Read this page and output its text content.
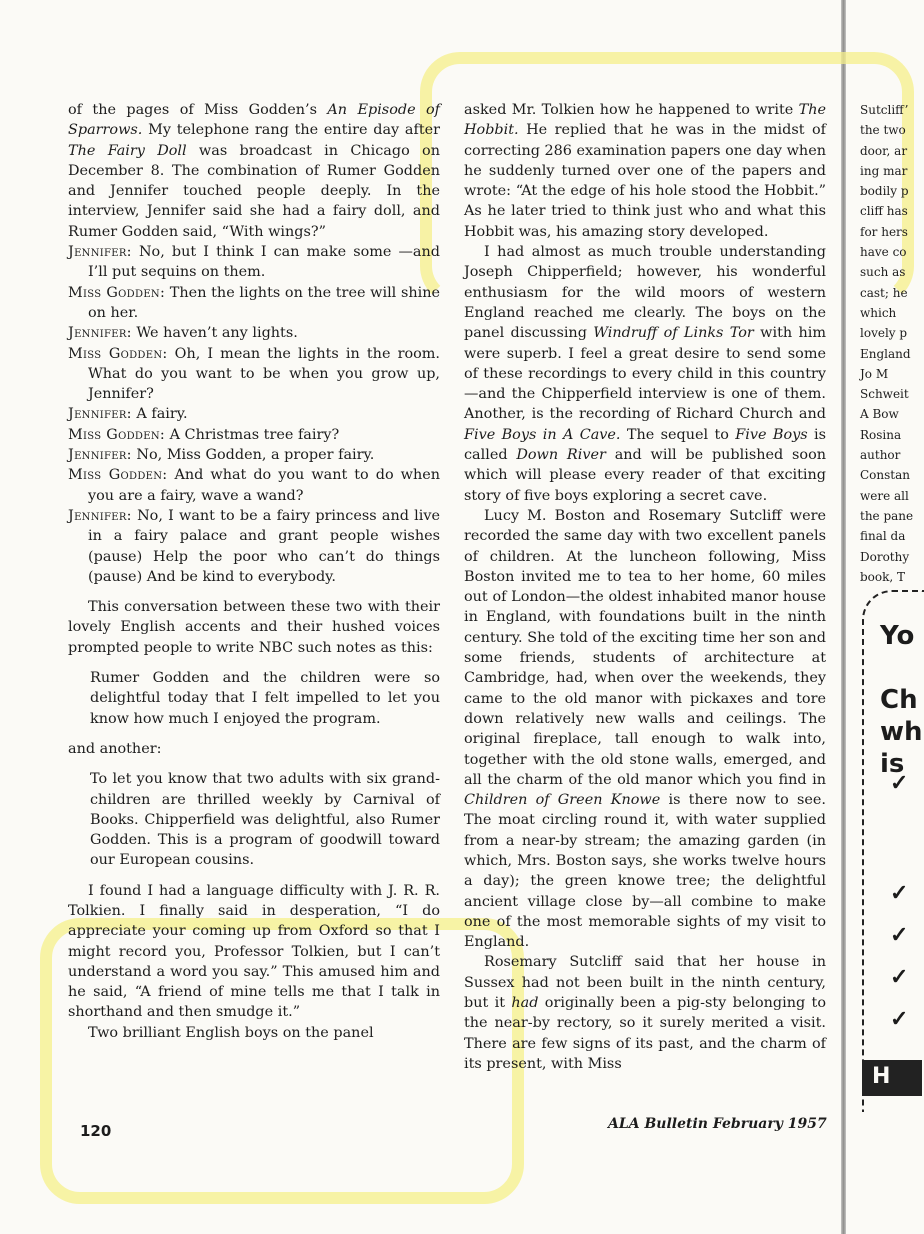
of the pages of Miss Godden’s An Episode of Sparrows. My telephone rang the entire day after The Fairy Doll was broadcast in Chicago on December 8. The combination of Rumer Godden and Jennifer touched people deeply. In the interview, Jennifer said she had a fairy doll, and Rumer Godden said, “With wings?”

Jennifer: No, but I think I can make some —and I’ll put sequins on them.

Miss Godden: Then the lights on the tree will shine on her.

Jennifer: We haven’t any lights.

Miss Godden: Oh, I mean the lights in the room. What do you want to be when you grow up, Jennifer?

Jennifer: A fairy.

Miss Godden: A Christmas tree fairy?

Jennifer: No, Miss Godden, a proper fairy.

Miss Godden: And what do you want to do when you are a fairy, wave a wand?

Jennifer: No, I want to be a fairy princess and live in a fairy palace and grant people wishes (pause) Help the poor who can’t do things (pause) And be kind to everybody.

This conversation between these two with their lovely English accents and their hushed voices prompted people to write NBC such notes as this:

Rumer Godden and the children were so delightful today that I felt impelled to let you know how much I enjoyed the program.

and another:

To let you know that two adults with six grand-children are thrilled weekly by Carnival of Books. Chipperfield was delightful, also Rumer Godden. This is a program of goodwill toward our European cousins.

I found I had a language difficulty with J. R. R. Tolkien. I finally said in desperation, “I do appreciate your coming up from Oxford so that I might record you, Professor Tolkien, but I can’t understand a word you say.” This amused him and he said, “A friend of mine tells me that I talk in shorthand and then smudge it.”

Two brilliant English boys on the panel

asked Mr. Tolkien how he happened to write The Hobbit. He replied that he was in the midst of correcting 286 examination papers one day when he suddenly turned over one of the papers and wrote: “At the edge of his hole stood the Hobbit.” As he later tried to think just who and what this Hobbit was, his amazing story developed.

I had almost as much trouble understanding Joseph Chipperfield; however, his wonderful enthusiasm for the wild moors of western England reached me clearly. The boys on the panel discussing Windruff of Links Tor with him were superb. I feel a great desire to send some of these recordings to every child in this country—and the Chipperfield interview is one of them. Another, is the recording of Richard Church and Five Boys in A Cave. The sequel to Five Boys is called Down River and will be published soon which will please every reader of that exciting story of five boys exploring a secret cave.

Lucy M. Boston and Rosemary Sutcliff were recorded the same day with two excellent panels of children. At the luncheon following, Miss Boston invited me to tea to her home, 60 miles out of London—the oldest inhabited manor house in England, with foundations built in the ninth century. She told of the exciting time her son and some friends, students of architecture at Cambridge, had, when over the weekends, they came to the old manor with pickaxes and tore down relatively new walls and ceilings. The original fireplace, tall enough to walk into, together with the old stone walls, emerged, and all the charm of the old manor which you find in Children of Green Knowe is there now to see. The moat circling round it, with water supplied from a near-by stream; the amazing garden (in which, Mrs. Boston says, she works twelve hours a day); the green knowe tree; the delightful ancient village close by—all combine to make one of the most memorable sights of my visit to England.

Rosemary Sutcliff said that her house in Sussex had not been built in the ninth century, but it had originally been a pig-sty belonging to the near-by rectory, so it surely merited a visit. There are few signs of its past, and the charm of its present, with Miss

Sutcliff’
the two
door, ar
ing mar
bodily p
cliff has
for hers
have co
such as
cast; he
which
lovely p
England
Jo M
Schweit
A Bow
Rosina
author
Constan
were all
the pane
final da
Dorothy
book, T
Yo

Ch
wh
is
✓
✓
✓
✓
✓
H
120	ALA Bulletin February 1957
